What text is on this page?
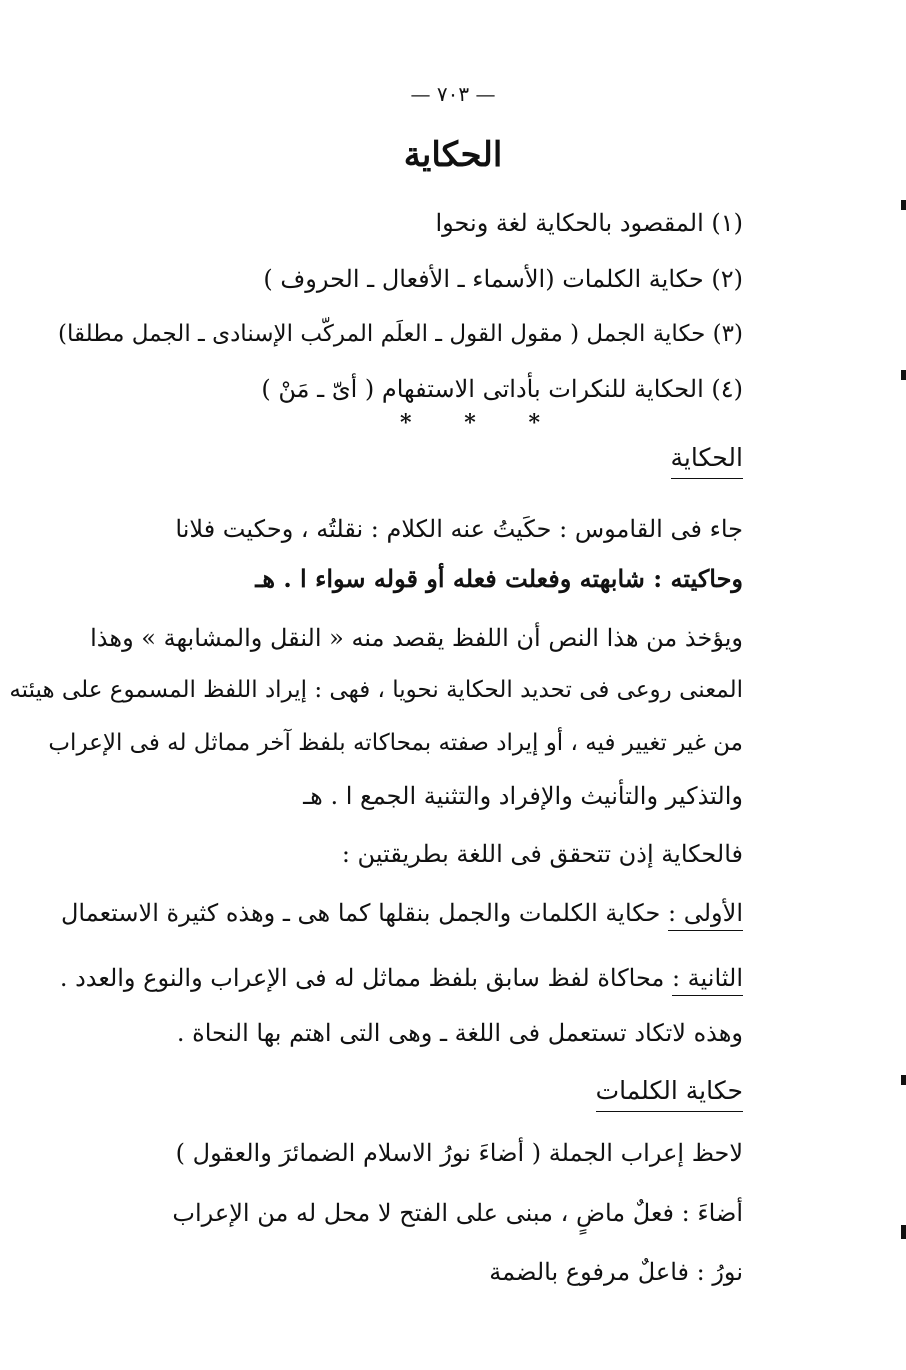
— ٧٠٣ —
الحكاية
(١) المقصود بالحكاية لغة ونحوا
(٢) حكاية الكلمات (الأسماء ـ الأفعال ـ الحروف )
(٣) حكاية الجمل ( مقول القول ـ العلَم المركّب الإسنادى ـ الجمل مطلقا)
(٤) الحكاية للنكرات بأداتى الاستفهام ( أىّ ـ مَنْ )
* * *
الحكاية
جاء فى القاموس : حكَيتُ عنه الكلام : نقلتُه ، وحكيت فلانا
وحاكيته : شابهته وفعلت فعله أو قوله سواء ا . هـ
ويؤخذ من هذا النص أن اللفظ يقصد منه « النقل والمشابهة » وهذا
المعنى روعى فى تحديد الحكاية نحويا ، فهى : إيراد اللفظ المسموع على هيئته
من غير تغيير فيه ، أو إيراد صفته بمحاكاته بلفظ آخر مماثل له فى الإعراب
والتذكير والتأنيث والإفراد والتثنية الجمع ا . هـ
فالحكاية إذن تتحقق فى اللغة بطريقتين :
الأولى : حكاية الكلمات والجمل بنقلها كما هى ـ وهذه كثيرة الاستعمال
الثانية : محاكاة لفظ سابق بلفظ مماثل له فى الإعراب والنوع والعدد .
وهذه لاتكاد تستعمل فى اللغة ـ وهى التى اهتم بها النحاة .
حكاية الكلمات
لاحظ إعراب الجملة ( أضاءَ نورُ الاسلام الضمائرَ والعقول )
أضاءَ : فعلٌ ماضٍ ، مبنى على الفتح لا محل له من الإعراب
نورُ : فاعلٌ مرفوع بالضمة
